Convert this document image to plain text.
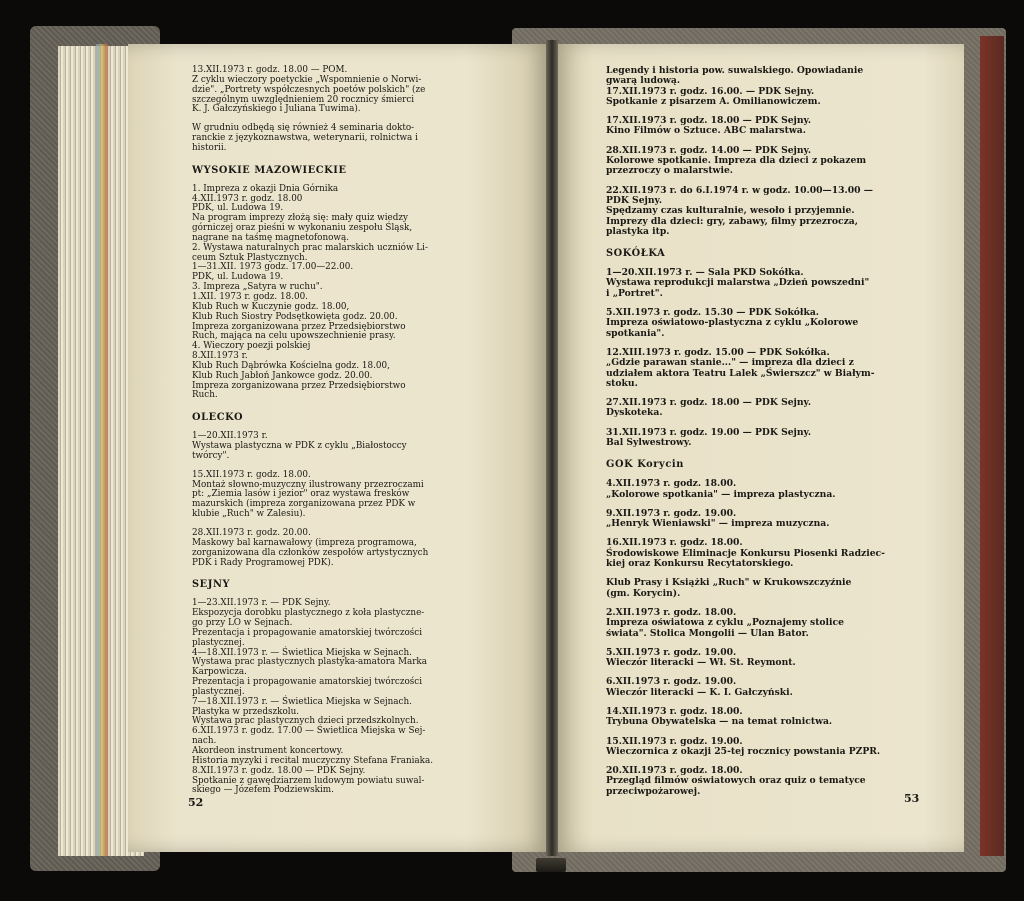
13.XII.1973 r. godz. 18.00 — POM.

Z cyklu wieczory poetyckie „Wspomnienie o Norwi-

dzie". „Portrety współczesnych poetów polskich" (ze

szczególnym uwzględnieniem 20 rocznicy śmierci

K. J. Gałczyńskiego i Juliana Tuwima).

W grudniu odbędą się również 4 seminaria dokto-

ranckie z językoznawstwa, weterynarii, rolnictwa i

historii.

WYSOKIE MAZOWIECKIE

1. Impreza z okazji Dnia Górnika

4.XII.1973 r. godz. 18.00

PDK, ul. Ludowa 19.

Na program imprezy złożą się: mały quiz wiedzy

górniczej oraz pieśni w wykonaniu zespołu Śląsk,

nagrane na taśmę magnetofonową.

2. Wystawa naturalnych prac malarskich uczniów Li-

ceum Sztuk Plastycznych.

1—31.XII. 1973 godz. 17.00—22.00.

PDK, ul. Ludowa 19.

3. Impreza „Satyra w ruchu".

1.XII. 1973 r. godz. 18.00.

Klub Ruch w Kuczynie godz. 18.00,

Klub Ruch Siostry Podsętkowięta godz. 20.00.

Impreza zorganizowana przez Przedsiębiorstwo

Ruch, mająca na celu upowszechnienie prasy.

4. Wieczory poezji polskiej

8.XII.1973 r.

Klub Ruch Dąbrówka Kościelna godz. 18.00,

Klub Ruch Jabłoń Jankowce godz. 20.00.

Impreza zorganizowana przez Przedsiębiorstwo

Ruch.

OLECKO

1—20.XII.1973 r.

Wystawa plastyczna w PDK z cyklu „Białostoccy

twórcy".

15.XII.1973 r. godz. 18.00.

Montaż słowno-muzyczny ilustrowany przezroczami

pt: „Ziemia lasów i jezior" oraz wystawa fresków

mazurskich (impreza zorganizowana przez PDK w

klubie „Ruch" w Zalesiu).

28.XII.1973 r. godz. 20.00.

Maskowy bal karnawałowy (impreza programowa,

zorganizowana dla członków zespołów artystycznych

PDK i Rady Programowej PDK).

SEJNY

1—23.XII.1973 r. — PDK Sejny.

Ekspozycja dorobku plastycznego z koła plastyczne-

go przy LO w Sejnach.

Prezentacja i propagowanie amatorskiej twórczości

plastycznej.

4—18.XII.1973 r. — Świetlica Miejska w Sejnach.

Wystawa prac plastycznych plastyka-amatora Marka

Karpowicza.

Prezentacja i propagowanie amatorskiej twórczości

plastycznej.

7—18.XII.1973 r. — Świetlica Miejska w Sejnach.

Plastyka w przedszkolu.

Wystawa prac plastycznych dzieci przedszkolnych.

6.XII.1973 r. godz. 17.00 — Świetlica Miejska w Sej-

nach.

Akordeon instrument koncertowy.

Historia myzyki i recital muczyczny Stefana Franiaka.

8.XII.1973 r. godz. 18.00 — PDK Sejny.

Spotkanie z gawędziarzem ludowym powiatu suwal-

skiego — Józefem Podziewskim.

52

Legendy i historia pow. suwalskiego. Opowiadanie

gwarą ludową.

17.XII.1973 r. godz. 16.00. — PDK Sejny.

Spotkanie z pisarzem A. Omilianowiczem.

17.XII.1973 r. godz. 18.00 — PDK Sejny.

Kino Filmów o Sztuce. ABC malarstwa.

28.XII.1973 r. godz. 14.00 — PDK Sejny.

Kolorowe spotkanie. Impreza dla dzieci z pokazem

przezroczy o malarstwie.

22.XII.1973 r. do 6.I.1974 r. w godz. 10.00—13.00 —

PDK Sejny.

Spędzamy czas kulturalnie, wesoło i przyjemnie.

Imprezy dla dzieci: gry, zabawy, filmy przezrocza,

plastyka itp.

SOKÓŁKA

1—20.XII.1973 r. — Sala PKD Sokółka.

Wystawa reprodukcji malarstwa „Dzień powszedni"

i „Portret".

5.XII.1973 r. godz. 15.30 — PDK Sokółka.

Impreza oświatowo-plastyczna z cyklu „Kolorowe

spotkania".

12.XIII.1973 r. godz. 15.00 — PDK Sokółka.

„Gdzie parawan stanie..." — impreza dla dzieci z

udziałem aktora Teatru Lalek „Świerszcz" w Białym-

stoku.

27.XII.1973 r. godz. 18.00 — PDK Sejny.

Dyskoteka.

31.XII.1973 r. godz. 19.00 — PDK Sejny.

Bal Sylwestrowy.

GOK Korycin

4.XII.1973 r. godz. 18.00.

„Kolorowe spotkania" — impreza plastyczna.

9.XII.1973 r. godz. 19.00.

„Henryk Wieniawski" — impreza muzyczna.

16.XII.1973 r. godz. 18.00.

Środowiskowe Eliminacje Konkursu Piosenki Radziec-

kiej oraz Konkursu Recytatorskiego.

Klub Prasy i Książki „Ruch" w Krukowszczyźnie

(gm. Korycin).

2.XII.1973 r. godz. 18.00.

Impreza oświatowa z cyklu „Poznajemy stolice

świata". Stolica Mongolii — Ulan Bator.

5.XII.1973 r. godz. 19.00.

Wieczór literacki — Wł. St. Reymont.

6.XII.1973 r. godz. 19.00.

Wieczór literacki — K. I. Gałczyński.

14.XII.1973 r. godz. 18.00.

Trybuna Obywatelska — na temat rolnictwa.

15.XII.1973 r. godz. 19.00.

Wieczornica z okazji 25-tej rocznicy powstania PZPR.

20.XII.1973 r. godz. 18.00.

Przegląd filmów oświatowych oraz quiz o tematyce

przeciwpożarowej.

53
